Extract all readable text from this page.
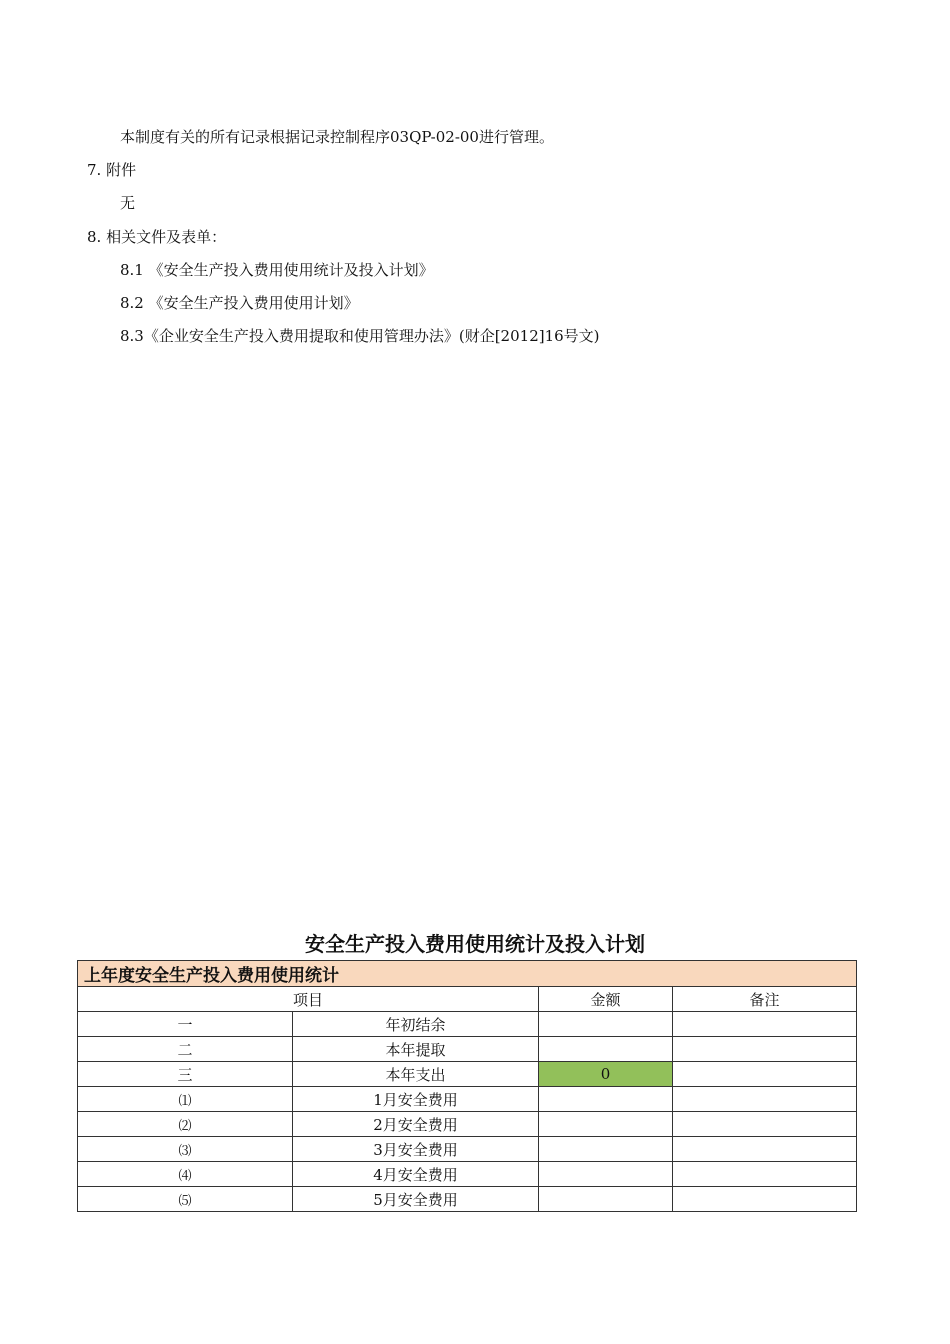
本制度有关的所有记录根据记录控制程序03QP-02-00进行管理。
7. 附件
无
8. 相关文件及表单：
8.1 《安全生产投入费用使用统计及投入计划》
8.2 《安全生产投入费用使用计划》
8.3《企业安全生产投入费用提取和使用管理办法》(财企[2012]16号文)
安全生产投入费用使用统计及投入计划
上年度安全生产投入费用使用统计			
项目		金额	备注
一	年初结余		
二	本年提取		
三	本年支出	0	
⑴	1月安全费用		
⑵	2月安全费用		
⑶	3月安全费用		
⑷	4月安全费用		
⑸	5月安全费用		
